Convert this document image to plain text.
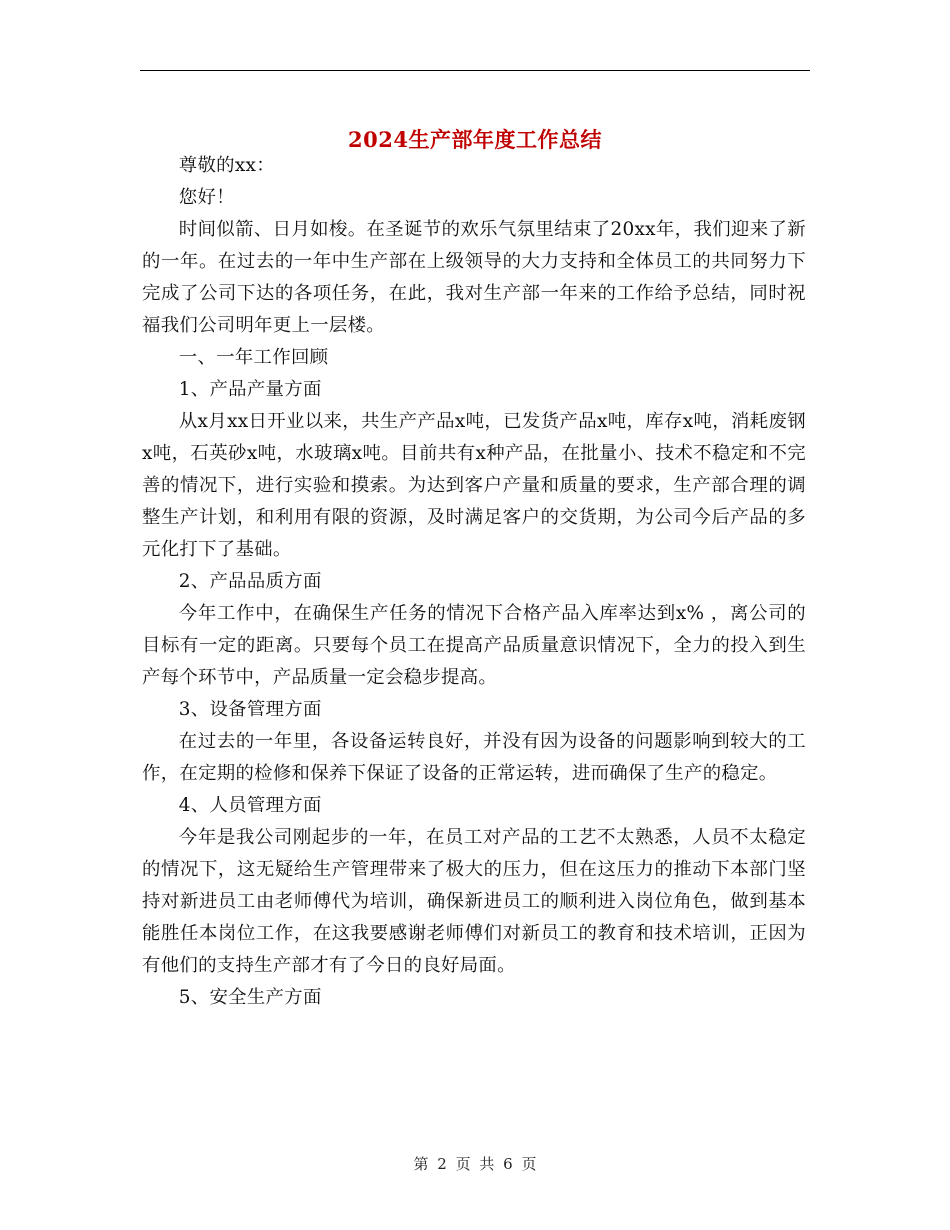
2024生产部年度工作总结

尊敬的xx：

您好！

时间似箭、日月如梭。在圣诞节的欢乐气氛里结束了20xx年，我们迎来了新的一年。在过去的一年中生产部在上级领导的大力支持和全体员工的共同努力下完成了公司下达的各项任务，在此，我对生产部一年来的工作给予总结，同时祝福我们公司明年更上一层楼。

一、一年工作回顾

1、产品产量方面

从x月xx日开业以来，共生产产品x吨，已发货产品x吨，库存x吨，消耗废钢x吨，石英砂x吨，水玻璃x吨。目前共有x种产品，在批量小、技术不稳定和不完善的情况下，进行实验和摸索。为达到客户产量和质量的要求，生产部合理的调整生产计划，和利用有限的资源，及时满足客户的交货期，为公司今后产品的多元化打下了基础。

2、产品品质方面

今年工作中，在确保生产任务的情况下合格产品入库率达到x% ，离公司的目标有一定的距离。只要每个员工在提高产品质量意识情况下，全力的投入到生产每个环节中，产品质量一定会稳步提高。

3、设备管理方面

在过去的一年里，各设备运转良好，并没有因为设备的问题影响到较大的工作，在定期的检修和保养下保证了设备的正常运转，进而确保了生产的稳定。

4、人员管理方面

今年是我公司刚起步的一年，在员工对产品的工艺不太熟悉，人员不太稳定的情况下，这无疑给生产管理带来了极大的压力，但在这压力的推动下本部门坚持对新进员工由老师傅代为培训，确保新进员工的顺利进入岗位角色，做到基本能胜任本岗位工作，在这我要感谢老师傅们对新员工的教育和技术培训，正因为有他们的支持生产部才有了今日的良好局面。

5、安全生产方面

第 2 页 共 6 页
